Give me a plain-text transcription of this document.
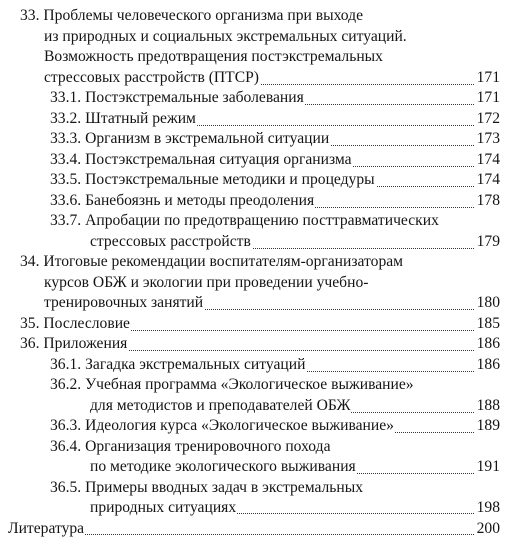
33. Проблемы человеческого организма при выходе
из природных и социальных экстремальных ситуаций.
Возможность предотвращения постэкстремальных
стрессовых расстройств (ПТСР)	171
33.1. Постэкстремальные заболевания	171
33.2. Штатный режим	172
33.3. Организм в экстремальной ситуации	173
33.4. Постэкстремальная ситуация организма	174
33.5. Постэкстремальные методики и процедуры	174
33.6. Банебоязнь и методы преодоления	178
33.7. Апробации по предотвращению посттравматических
стрессовых расстройств	179
34. Итоговые рекомендации воспитателям-организаторам
курсов ОБЖ и экологии при проведении учебно-
тренировочных занятий	180
35. Послесловие	185
36. Приложения	186
36.1. Загадка экстремальных ситуаций	186
36.2. Учебная программа «Экологическое выживание»
для методистов и преподавателей ОБЖ	188
36.3. Идеология курса «Экологическое выживание»	189
36.4. Организация тренировочного похода
по методике экологического выживания	191
36.5. Примеры вводных задач в экстремальных
природных ситуациях	198
Литература	200
